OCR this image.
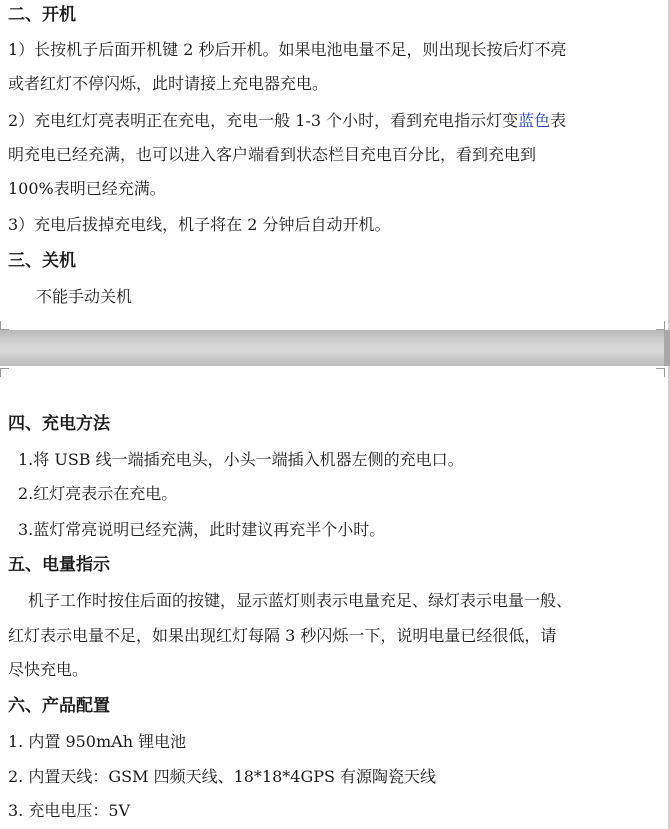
二、开机
1）长按机子后面开机键 2 秒后开机。如果电池电量不足，则出现长按后灯不亮
或者红灯不停闪烁，此时请接上充电器充电。
2）充电红灯亮表明正在充电，充电一般 1-3 个小时，看到充电指示灯变蓝色表
明充电已经充满，也可以进入客户端看到状态栏目充电百分比，看到充电到
100%表明已经充满。
3）充电后拔掉充电线，机子将在 2 分钟后自动开机。
三、关机
不能手动关机
四、充电方法
1.将 USB 线一端插充电头，小头一端插入机器左侧的充电口。
2.红灯亮表示在充电。
3.蓝灯常亮说明已经充满，此时建议再充半个小时。
五、电量指示
机子工作时按住后面的按键，显示蓝灯则表示电量充足、绿灯表示电量一般、
红灯表示电量不足，如果出现红灯每隔 3 秒闪烁一下，说明电量已经很低，请
尽快充电。
六、产品配置
1. 内置 950mAh 锂电池
2. 内置天线：GSM 四频天线、18*18*4GPS 有源陶瓷天线
3. 充电电压：5V
